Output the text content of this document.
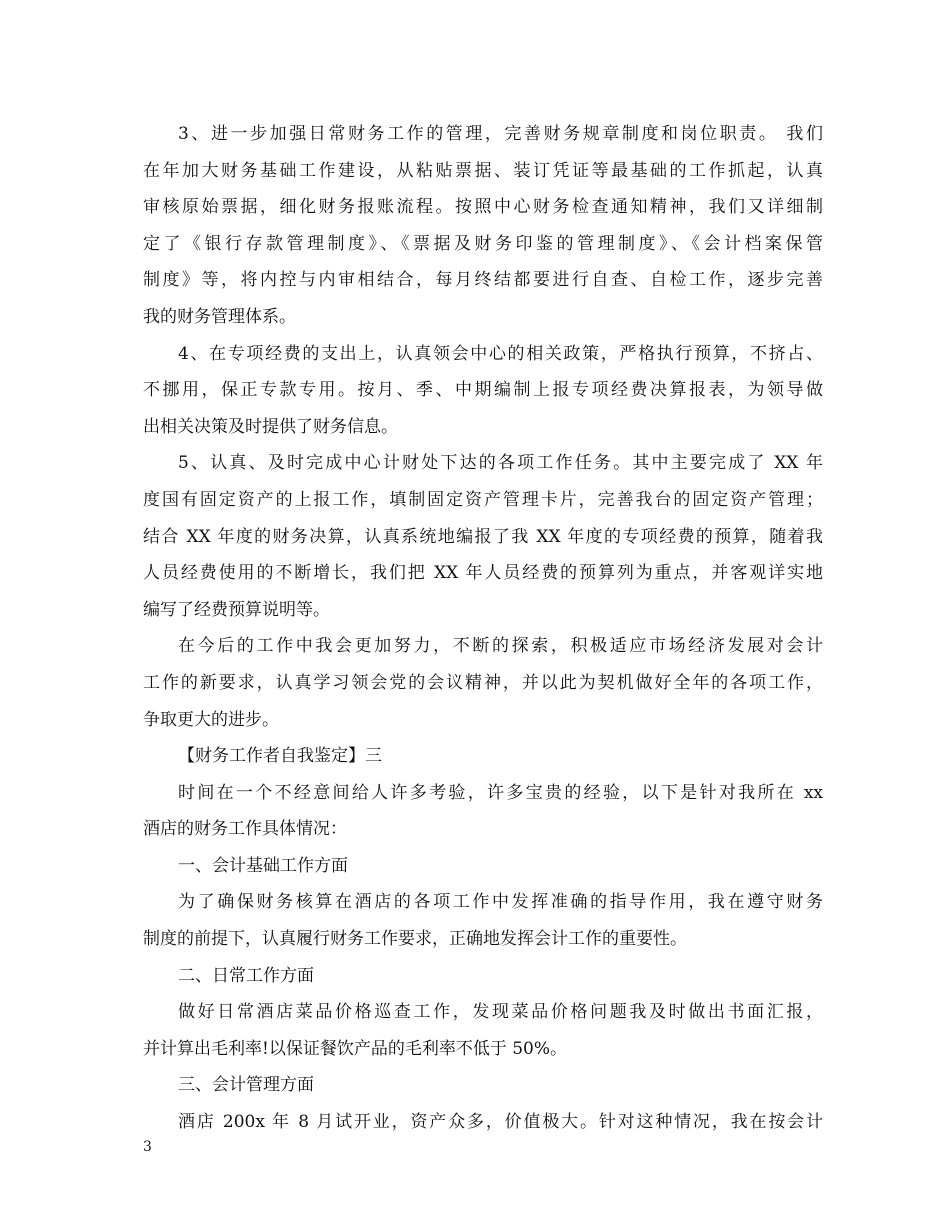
3、进一步加强日常财务工作的管理，完善财务规章制度和岗位职责。 我们
在年加大财务基础工作建设，从粘贴票据、装订凭证等最基础的工作抓起，认真
审核原始票据，细化财务报账流程。按照中心财务检查通知精神，我们又详细制
定了《银行存款管理制度》、《票据及财务印鉴的管理制度》、《会计档案保管
制度》等，将内控与内审相结合，每月终结都要进行自查、自检工作，逐步完善
我的财务管理体系。
4、在专项经费的支出上，认真领会中心的相关政策，严格执行预算，不挤占、
不挪用，保正专款专用。按月、季、中期编制上报专项经费决算报表，为领导做
出相关决策及时提供了财务信息。
5、认真、及时完成中心计财处下达的各项工作任务。其中主要完成了 XX 年
度国有固定资产的上报工作，填制固定资产管理卡片，完善我台的固定资产管理；
结合 XX 年度的财务决算，认真系统地编报了我 XX 年度的专项经费的预算，随着我
人员经费使用的不断增长，我们把 XX 年人员经费的预算列为重点，并客观详实地
编写了经费预算说明等。
在今后的工作中我会更加努力，不断的探索，积极适应市场经济发展对会计
工作的新要求，认真学习领会党的会议精神，并以此为契机做好全年的各项工作，
争取更大的进步。
【财务工作者自我鉴定】三
时间在一个不经意间给人许多考验，许多宝贵的经验，以下是针对我所在 xx
酒店的财务工作具体情况：
一、会计基础工作方面
为了确保财务核算在酒店的各项工作中发挥准确的指导作用，我在遵守财务
制度的前提下，认真履行财务工作要求，正确地发挥会计工作的重要性。
二、日常工作方面
做好日常酒店菜品价格巡查工作，发现菜品价格问题我及时做出书面汇报，
并计算出毛利率!以保证餐饮产品的毛利率不低于 50%。
三、会计管理方面
酒店 200x 年 8 月试开业，资产众多，价值极大。针对这种情况，我在按会计
3
